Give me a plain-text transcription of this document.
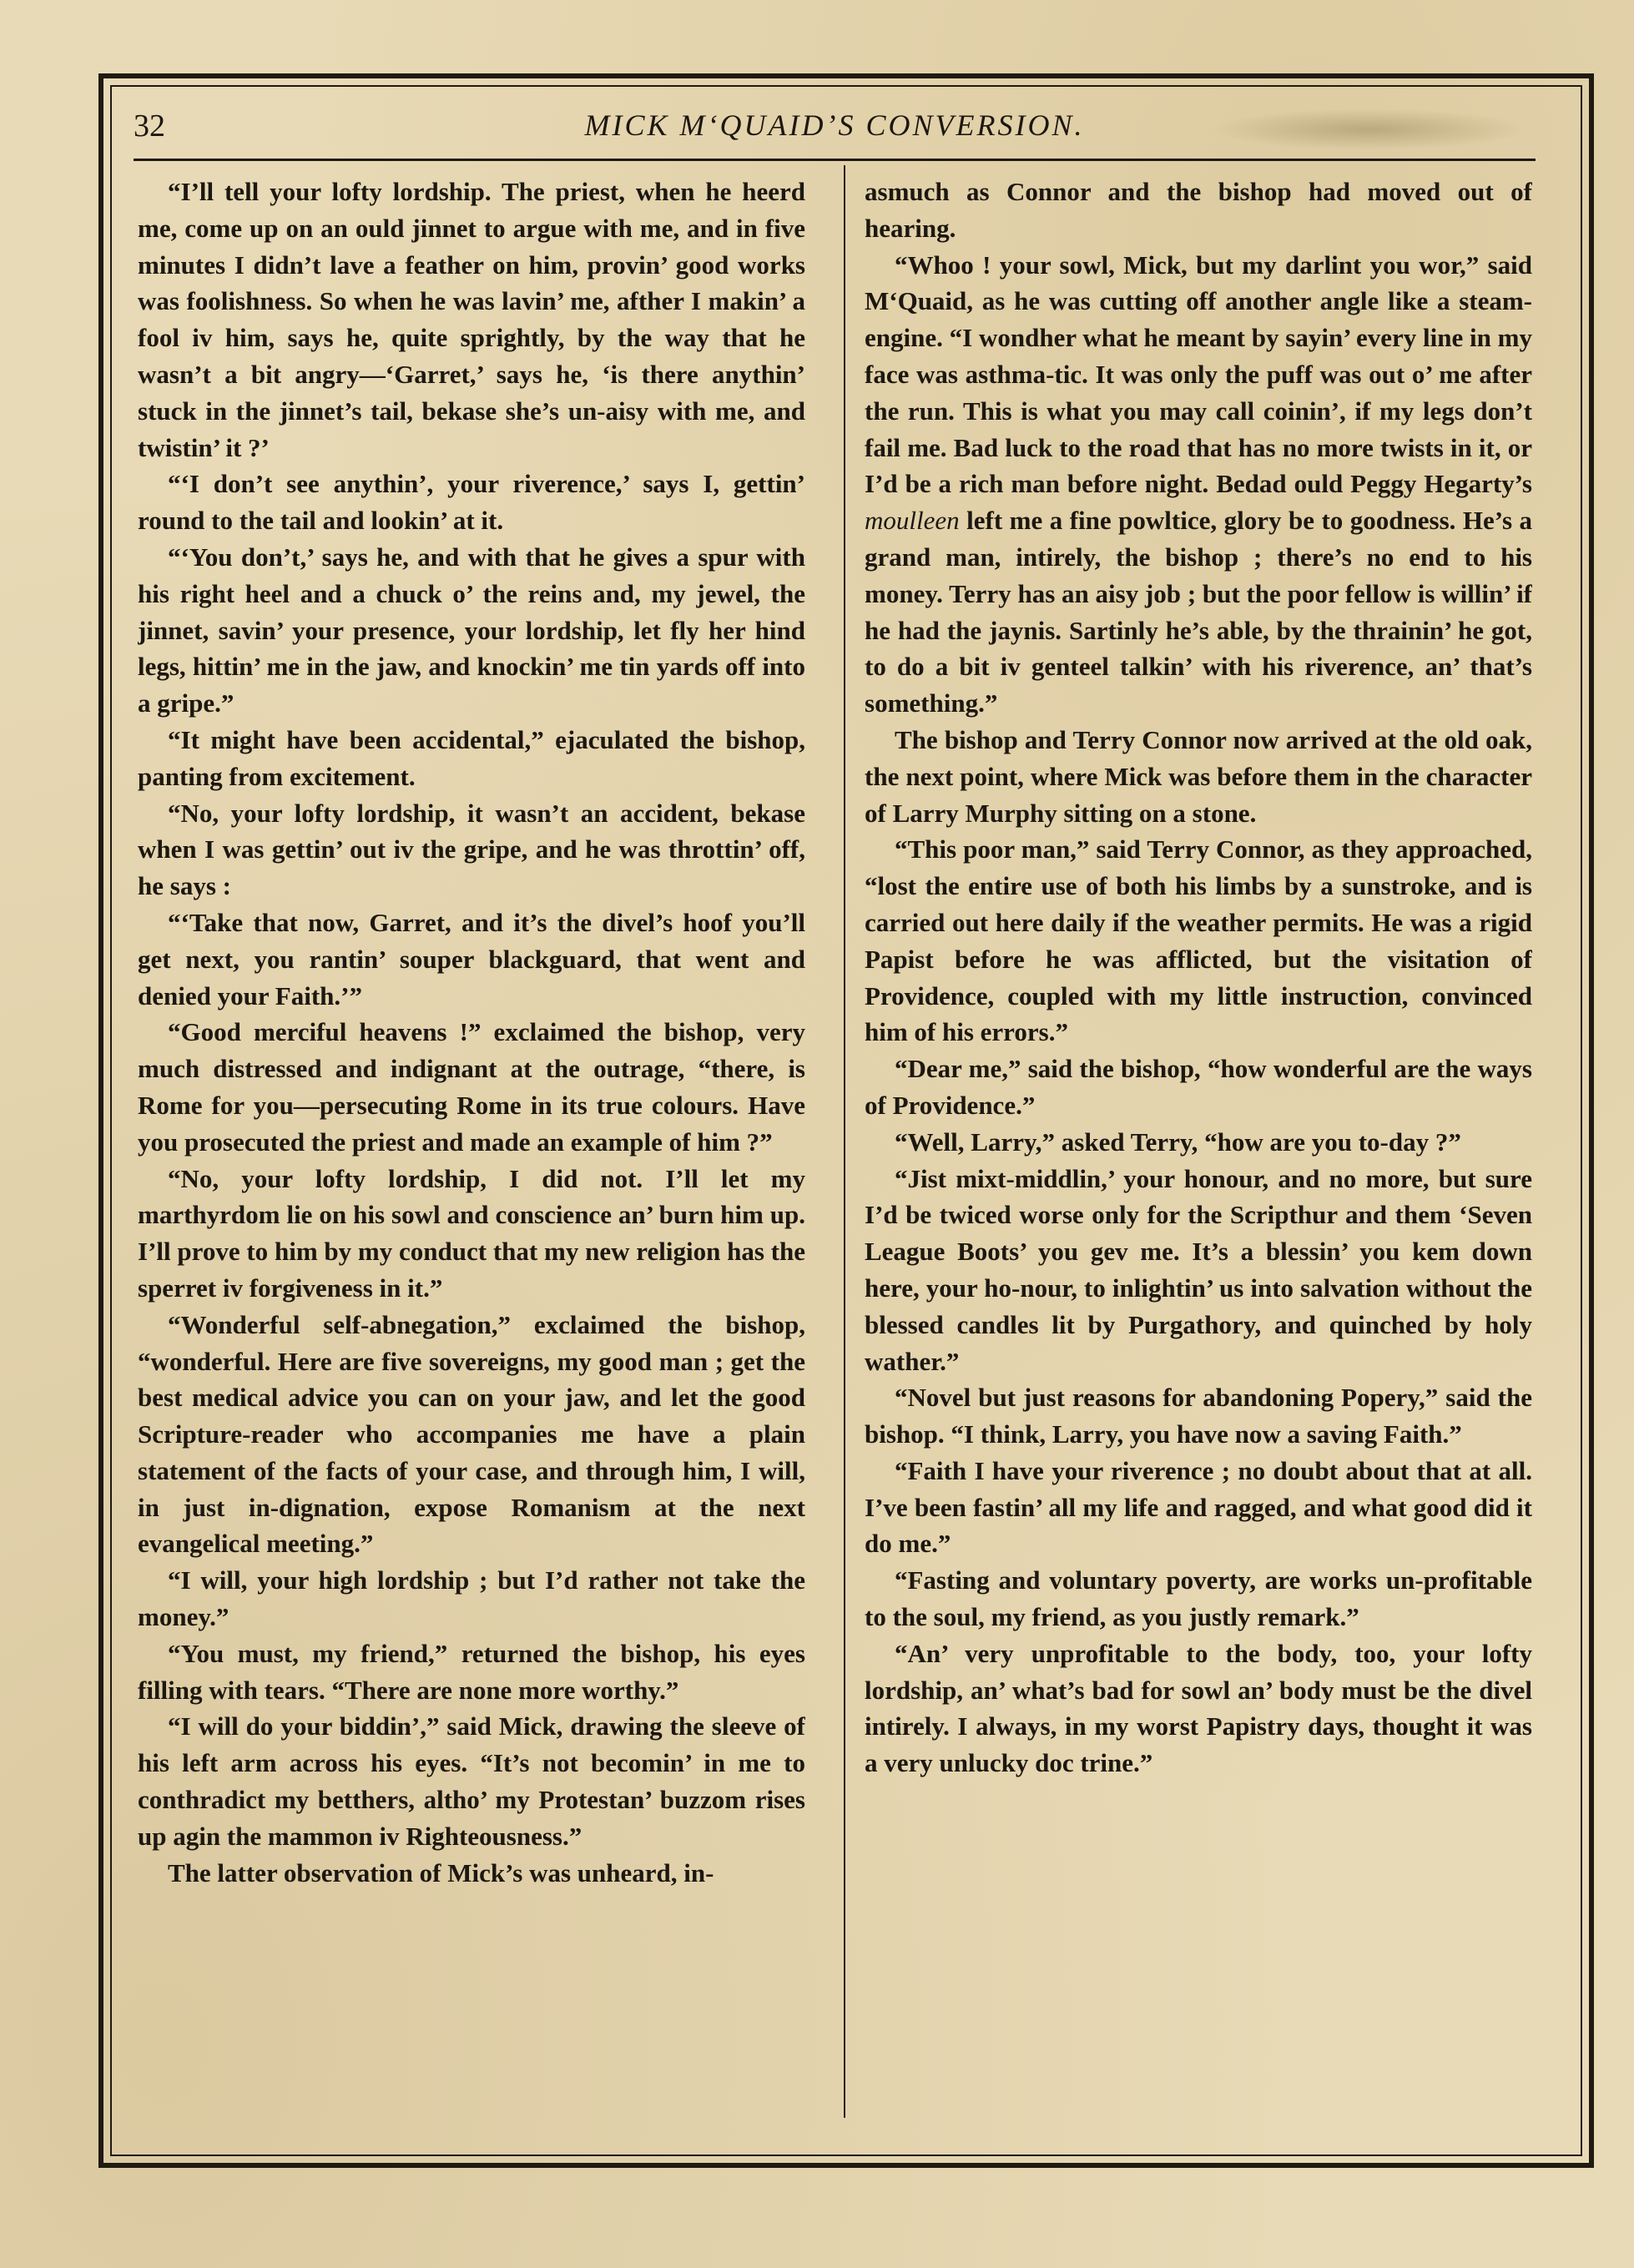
32	MICK M‘QUAID’S CONVERSION.

“I’ll tell your lofty lordship. The priest, when he heerd me, come up on an ould jinnet to argue with me, and in five minutes I didn’t lave a feather on him, provin’ good works was foolishness. So when he was lavin’ me, afther I makin’ a fool iv him, says he, quite sprightly, by the way that he wasn’t a bit angry—‘Garret,’ says he, ‘is there anythin’ stuck in the jinnet’s tail, bekase she’s un-aisy with me, and twistin’ it ?’

“‘I don’t see anythin’, your riverence,’ says I, gettin’ round to the tail and lookin’ at it.

“‘You don’t,’ says he, and with that he gives a spur with his right heel and a chuck o’ the reins and, my jewel, the jinnet, savin’ your presence, your lordship, let fly her hind legs, hittin’ me in the jaw, and knockin’ me tin yards off into a gripe.”

“It might have been accidental,” ejaculated the bishop, panting from excitement.

“No, your lofty lordship, it wasn’t an accident, bekase when I was gettin’ out iv the gripe, and he was throttin’ off, he says :

“‘Take that now, Garret, and it’s the divel’s hoof you’ll get next, you rantin’ souper blackguard, that went and denied your Faith.’”

“Good merciful heavens !” exclaimed the bishop, very much distressed and indignant at the outrage, “there, is Rome for you—persecuting Rome in its true colours. Have you prosecuted the priest and made an example of him ?”

“No, your lofty lordship, I did not. I’ll let my marthyrdom lie on his sowl and conscience an’ burn him up. I’ll prove to him by my conduct that my new religion has the sperret iv forgiveness in it.”

“Wonderful self-abnegation,” exclaimed the bishop, “wonderful. Here are five sovereigns, my good man ; get the best medical advice you can on your jaw, and let the good Scripture-reader who accompanies me have a plain statement of the facts of your case, and through him, I will, in just in-dignation, expose Romanism at the next evangelical meeting.”

“I will, your high lordship ; but I’d rather not take the money.”

“You must, my friend,” returned the bishop, his eyes filling with tears. “There are none more worthy.”

“I will do your biddin’,” said Mick, drawing the sleeve of his left arm across his eyes. “It’s not becomin’ in me to conthradict my betthers, altho’ my Protestan’ buzzom rises up agin the mammon iv Righteousness.”

The latter observation of Mick’s was unheard, in-

asmuch as Connor and the bishop had moved out of hearing.

“Whoo ! your sowl, Mick, but my darlint you wor,” said M‘Quaid, as he was cutting off another angle like a steam-engine. “I wondher what he meant by sayin’ every line in my face was asthma-tic. It was only the puff was out o’ me after the run. This is what you may call coinin’, if my legs don’t fail me. Bad luck to the road that has no more twists in it, or I’d be a rich man before night. Bedad ould Peggy Hegarty’s moulleen left me a fine powltice, glory be to goodness. He’s a grand man, intirely, the bishop ; there’s no end to his money. Terry has an aisy job ; but the poor fellow is willin’ if he had the jaynis. Sartinly he’s able, by the thrainin’ he got, to do a bit iv genteel talkin’ with his riverence, an’ that’s something.”

The bishop and Terry Connor now arrived at the old oak, the next point, where Mick was before them in the character of Larry Murphy sitting on a stone.

“This poor man,” said Terry Connor, as they approached, “lost the entire use of both his limbs by a sunstroke, and is carried out here daily if the weather permits. He was a rigid Papist before he was afflicted, but the visitation of Providence, coupled with my little instruction, convinced him of his errors.”

“Dear me,” said the bishop, “how wonderful are the ways of Providence.”

“Well, Larry,” asked Terry, “how are you to-day ?”

“Jist mixt-middlin,’ your honour, and no more, but sure I’d be twiced worse only for the Scripthur and them ‘Seven League Boots’ you gev me. It’s a blessin’ you kem down here, your ho-nour, to inlightin’ us into salvation without the blessed candles lit by Purgathory, and quinched by holy wather.”

“Novel but just reasons for abandoning Popery,” said the bishop. “I think, Larry, you have now a saving Faith.”

“Faith I have your riverence ; no doubt about that at all. I’ve been fastin’ all my life and ragged, and what good did it do me.”

“Fasting and voluntary poverty, are works un-profitable to the soul, my friend, as you justly remark.”

“An’ very unprofitable to the body, too, your lofty lordship, an’ what’s bad for sowl an’ body must be the divel intirely. I always, in my worst Papistry days, thought it was a very unlucky doc trine.”
